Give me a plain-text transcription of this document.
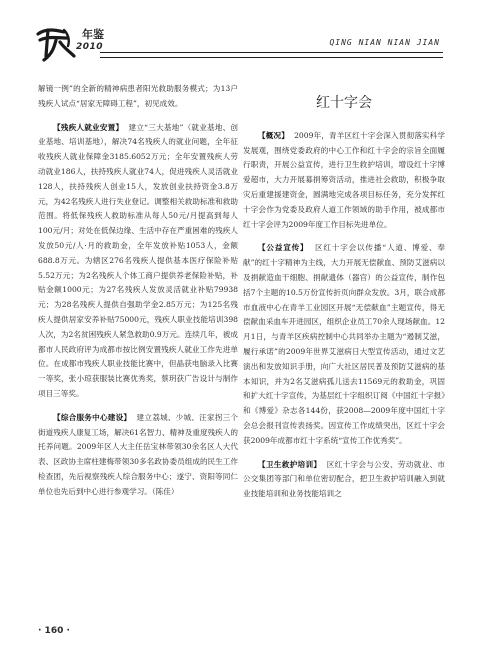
年鉴
2010	QING NIAN NIAN JIAN

解镜一例”的全新的精神病患者阳光救助服务模式；为13户残疾人试点“居家无障碍工程”，初见成效。

【残疾人就业安置】 建立“三大基地”（就业基地、创业基地、培训基地），解决74名残疾人的就业问题，全年征收残疾人就业保障金3185.6052万元；全年安置残疾人劳动就业186人，扶持残疾人就业74人，促进残疾人灵活就业128人，扶持残疾人创业15人，发放创业扶持资金3.8万元，为42名残疾人进行失业登记。调整相关救助标准和救助范围。将低保残疾人救助标准从每人50元/月提高到每人100元/月；对处在低保边缘、生活中存在严重困难的残疾人发放50元/人·月的救助金，全年发放补贴1053人，金额688.8万元。为辖区276名残疾人提供基本医疗保险补贴5.52万元；为2名残疾人个体工商户提供养老保险补贴，补贴金额1000元；为27名残疾人发放灵活就业补贴79938元；为28名残疾人提供自强助学金2.85万元；为125名残疾人提供居家安养补贴75000元，残疾人职业技能培训398人次，为2名贫困残疾人紧急救助0.9万元。连续几年，被成都市人民政府评为成都市按比例安置残疾人就业工作先进单位。在成都市残疾人职业技能比赛中，但晶获电脑录入比赛一等奖，张小琼获服装比赛优秀奖，蔡玥获广告设计与制作项目三等奖。

【综合服务中心建设】 建立荔城、少城、汪家拐三个街道残疾人康复工场，解决61名智力、精神及重度残疾人的托养问题。2009年区人大主任岳宝林带领30余名区人大代表、区政协主席柱建梅带领30多名政协委员组成的民生工作检查团，先后视察残疾人综合服务中心；遂宁、资阳等同仁单位也先后到中心进行参观学习。（陈佳）

红十字会

【概况】 2009年，青羊区红十字会深入贯彻落实科学发展观，围绕党委政府的中心工作和红十字会的宗旨全面履行职责，开展公益宣传，进行卫生救护培训，增设红十字博爱超市，大力开展募捐筹资活动，推进社会救助，积极争取灾后重建援建资金，圆满地完成各项目标任务，充分发挥红十字会作为党委及政府人道工作领域的助手作用，被成都市红十字会评为2009年度工作目标先进单位。

【公益宣传】 区红十字会以传播“人道、博爱、奉献”的红十字精神为主线，大力开展无偿献血、预防艾滋病以及捐献造血干细胞、捐献遗体（器官）的公益宣传，制作包括7个主题的10.5万份宣传折页向群众发放。3月，联合成都市血液中心在青羊工业园区开展“无偿献血”主题宣传，得无偿献血采血车开进园区，组织企业员工70余人现场献血。12月1日，与青羊区疾病控制中心共同举办主题为“遏制艾滋，履行承诺”的2009年世界艾滋病日大型宣传活动，通过文艺演出和发放知识手册，向广大社区居民普及预防艾滋病的基本知识，并为2名艾滋病孤儿送去11569元的救助金，巩固和扩大红十字宣传，为基层红十字组织订阅《中国红十字报》和《博爱》杂志各144份，获2008—2009年度中国红十字会总会报刊宣传表扬奖。因宣传工作成绩突出，区红十字会获2009年成都市红十字系统“宣传工作优秀奖”。

【卫生救护培训】 区红十字会与公安、劳动就业、市公交集团等部门和单位密切配合，把卫生救护培训融入到就业技能培训和业务技能培训之

· 160 ·
